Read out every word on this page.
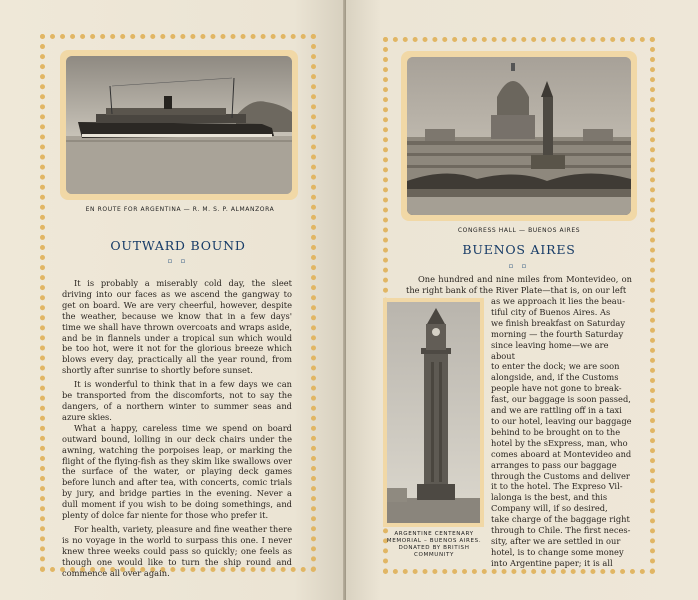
EN ROUTE FOR ARGENTINA — R. M. S. P. ALMANZORA
OUTWARD BOUND
▫ ▫

It is probably a miserably cold day, the sleet driving into our faces as we ascend the gangway to get on board. We are very cheerful, however, despite the weather, because we know that in a few days' time we shall have thrown overcoats and wraps aside, and be in flannels under a tropical sun which would be too hot, were it not for the glorious breeze which blows every day, practically all the year round, from shortly after sunrise to shortly before sunset.

It is wonderful to think that in a few days we can be transported from the discomforts, not to say the dangers, of a northern winter to summer seas and azure skies.

What a happy, careless time we spend on board outward bound, lolling in our deck chairs under the awning, watching the porpoises leap, or marking the flight of the flying-fish as they skim like swallows over the surface of the water, or playing deck games before lunch and after tea, with concerts, comic trials by jury, and bridge parties in the evening. Never a dull moment if you wish to be doing somethings, and plenty of dolce far niente for those who prefer it.

For health, variety, pleasure and fine weather there is no voyage in the world to surpass this one. I never knew three weeks could pass so quickly; one feels as though one would like to turn the ship round and commence all over again.

CONGRESS HALL — BUENOS AIRES
BUENOS AIRES
▫ ▫

One hundred and nine miles from Montevideo, on the right bank of the River Plate—that is, on our left

ARGENTINE CENTENARY MEMORIAL – BUENOS AIRES. DONATED BY BRITISH COMMUNITY
as we approach it lies the beau-
tiful city of Buenos Aires. As
we finish breakfast on Saturday
morning — the fourth Saturday
since leaving home—we are about
to enter the dock; we are soon
alongside, and, if the Customs
people have not gone to break-
fast, our baggage is soon passed,
and we are rattling off in a taxi
to our hotel, leaving our baggage
behind to be brought on to the
hotel by the sExpress, man, who
comes aboard at Montevideo and
arranges to pass our baggage
through the Customs and deliver
it to the hotel. The Expreso Vil-
lalonga is the best, and this
Company will, if so desired,
take charge of the baggage right
through to Chile. The first neces-
sity, after we are settled in our
hotel, is to change some money
into Argentine paper; it is all
